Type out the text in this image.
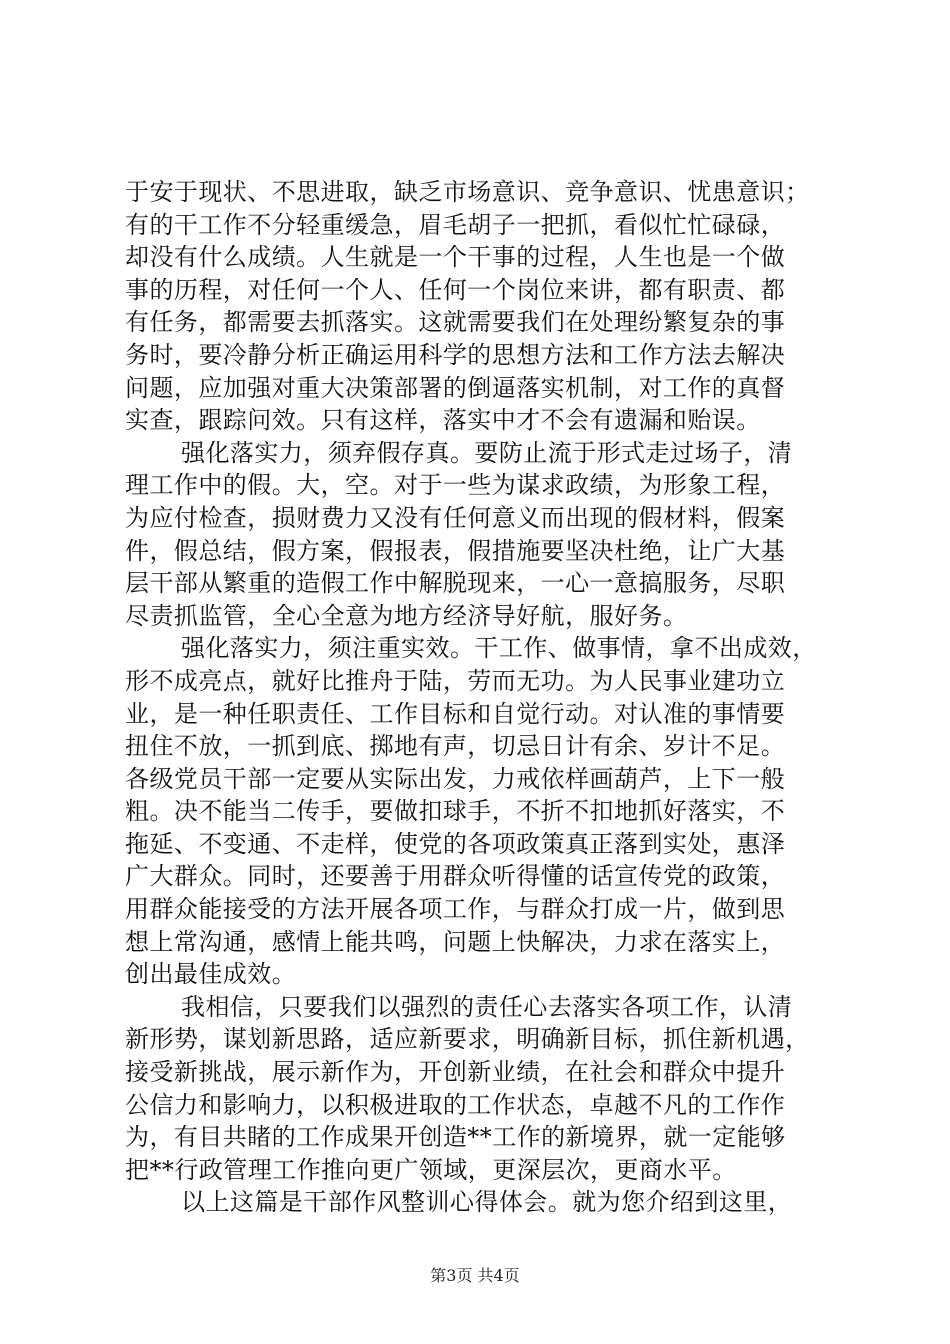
于安于现状、不思进取，缺乏市场意识、竞争意识、忧患意识；
有的干工作不分轻重缓急，眉毛胡子一把抓，看似忙忙碌碌，
却没有什么成绩。人生就是一个干事的过程，人生也是一个做
事的历程，对任何一个人、任何一个岗位来讲，都有职责、都
有任务，都需要去抓落实。这就需要我们在处理纷繁复杂的事
务时，要冷静分析正确运用科学的思想方法和工作方法去解决
问题，应加强对重大决策部署的倒逼落实机制，对工作的真督
实查，跟踪问效。只有这样，落实中才不会有遗漏和贻误。
强化落实力，须弃假存真。要防止流于形式走过场子，清
理工作中的假。大，空。对于一些为谋求政绩，为形象工程，
为应付检查，损财费力又没有任何意义而出现的假材料，假案
件，假总结，假方案，假报表，假措施要坚决杜绝，让广大基
层干部从繁重的造假工作中解脱现来，一心一意搞服务，尽职
尽责抓监管，全心全意为地方经济导好航，服好务。
强化落实力，须注重实效。干工作、做事情，拿不出成效，
形不成亮点，就好比推舟于陆，劳而无功。为人民事业建功立
业，是一种任职责任、工作目标和自觉行动。对认准的事情要
扭住不放，一抓到底、掷地有声，切忌日计有余、岁计不足。
各级党员干部一定要从实际出发，力戒依样画葫芦，上下一般
粗。决不能当二传手，要做扣球手，不折不扣地抓好落实，不
拖延、不变通、不走样，使党的各项政策真正落到实处，惠泽
广大群众。同时，还要善于用群众听得懂的话宣传党的政策，
用群众能接受的方法开展各项工作，与群众打成一片，做到思
想上常沟通，感情上能共鸣，问题上快解决，力求在落实上，
创出最佳成效。
我相信，只要我们以强烈的责任心去落实各项工作，认清
新形势，谋划新思路，适应新要求，明确新目标，抓住新机遇，
接受新挑战，展示新作为，开创新业绩，在社会和群众中提升
公信力和影响力，以积极进取的工作状态，卓越不凡的工作作
为，有目共睹的工作成果开创造**工作的新境界，就一定能够
把**行政管理工作推向更广领域，更深层次，更商水平。
以上这篇是干部作风整训心得体会。就为您介绍到这里，
第3页 共4页
